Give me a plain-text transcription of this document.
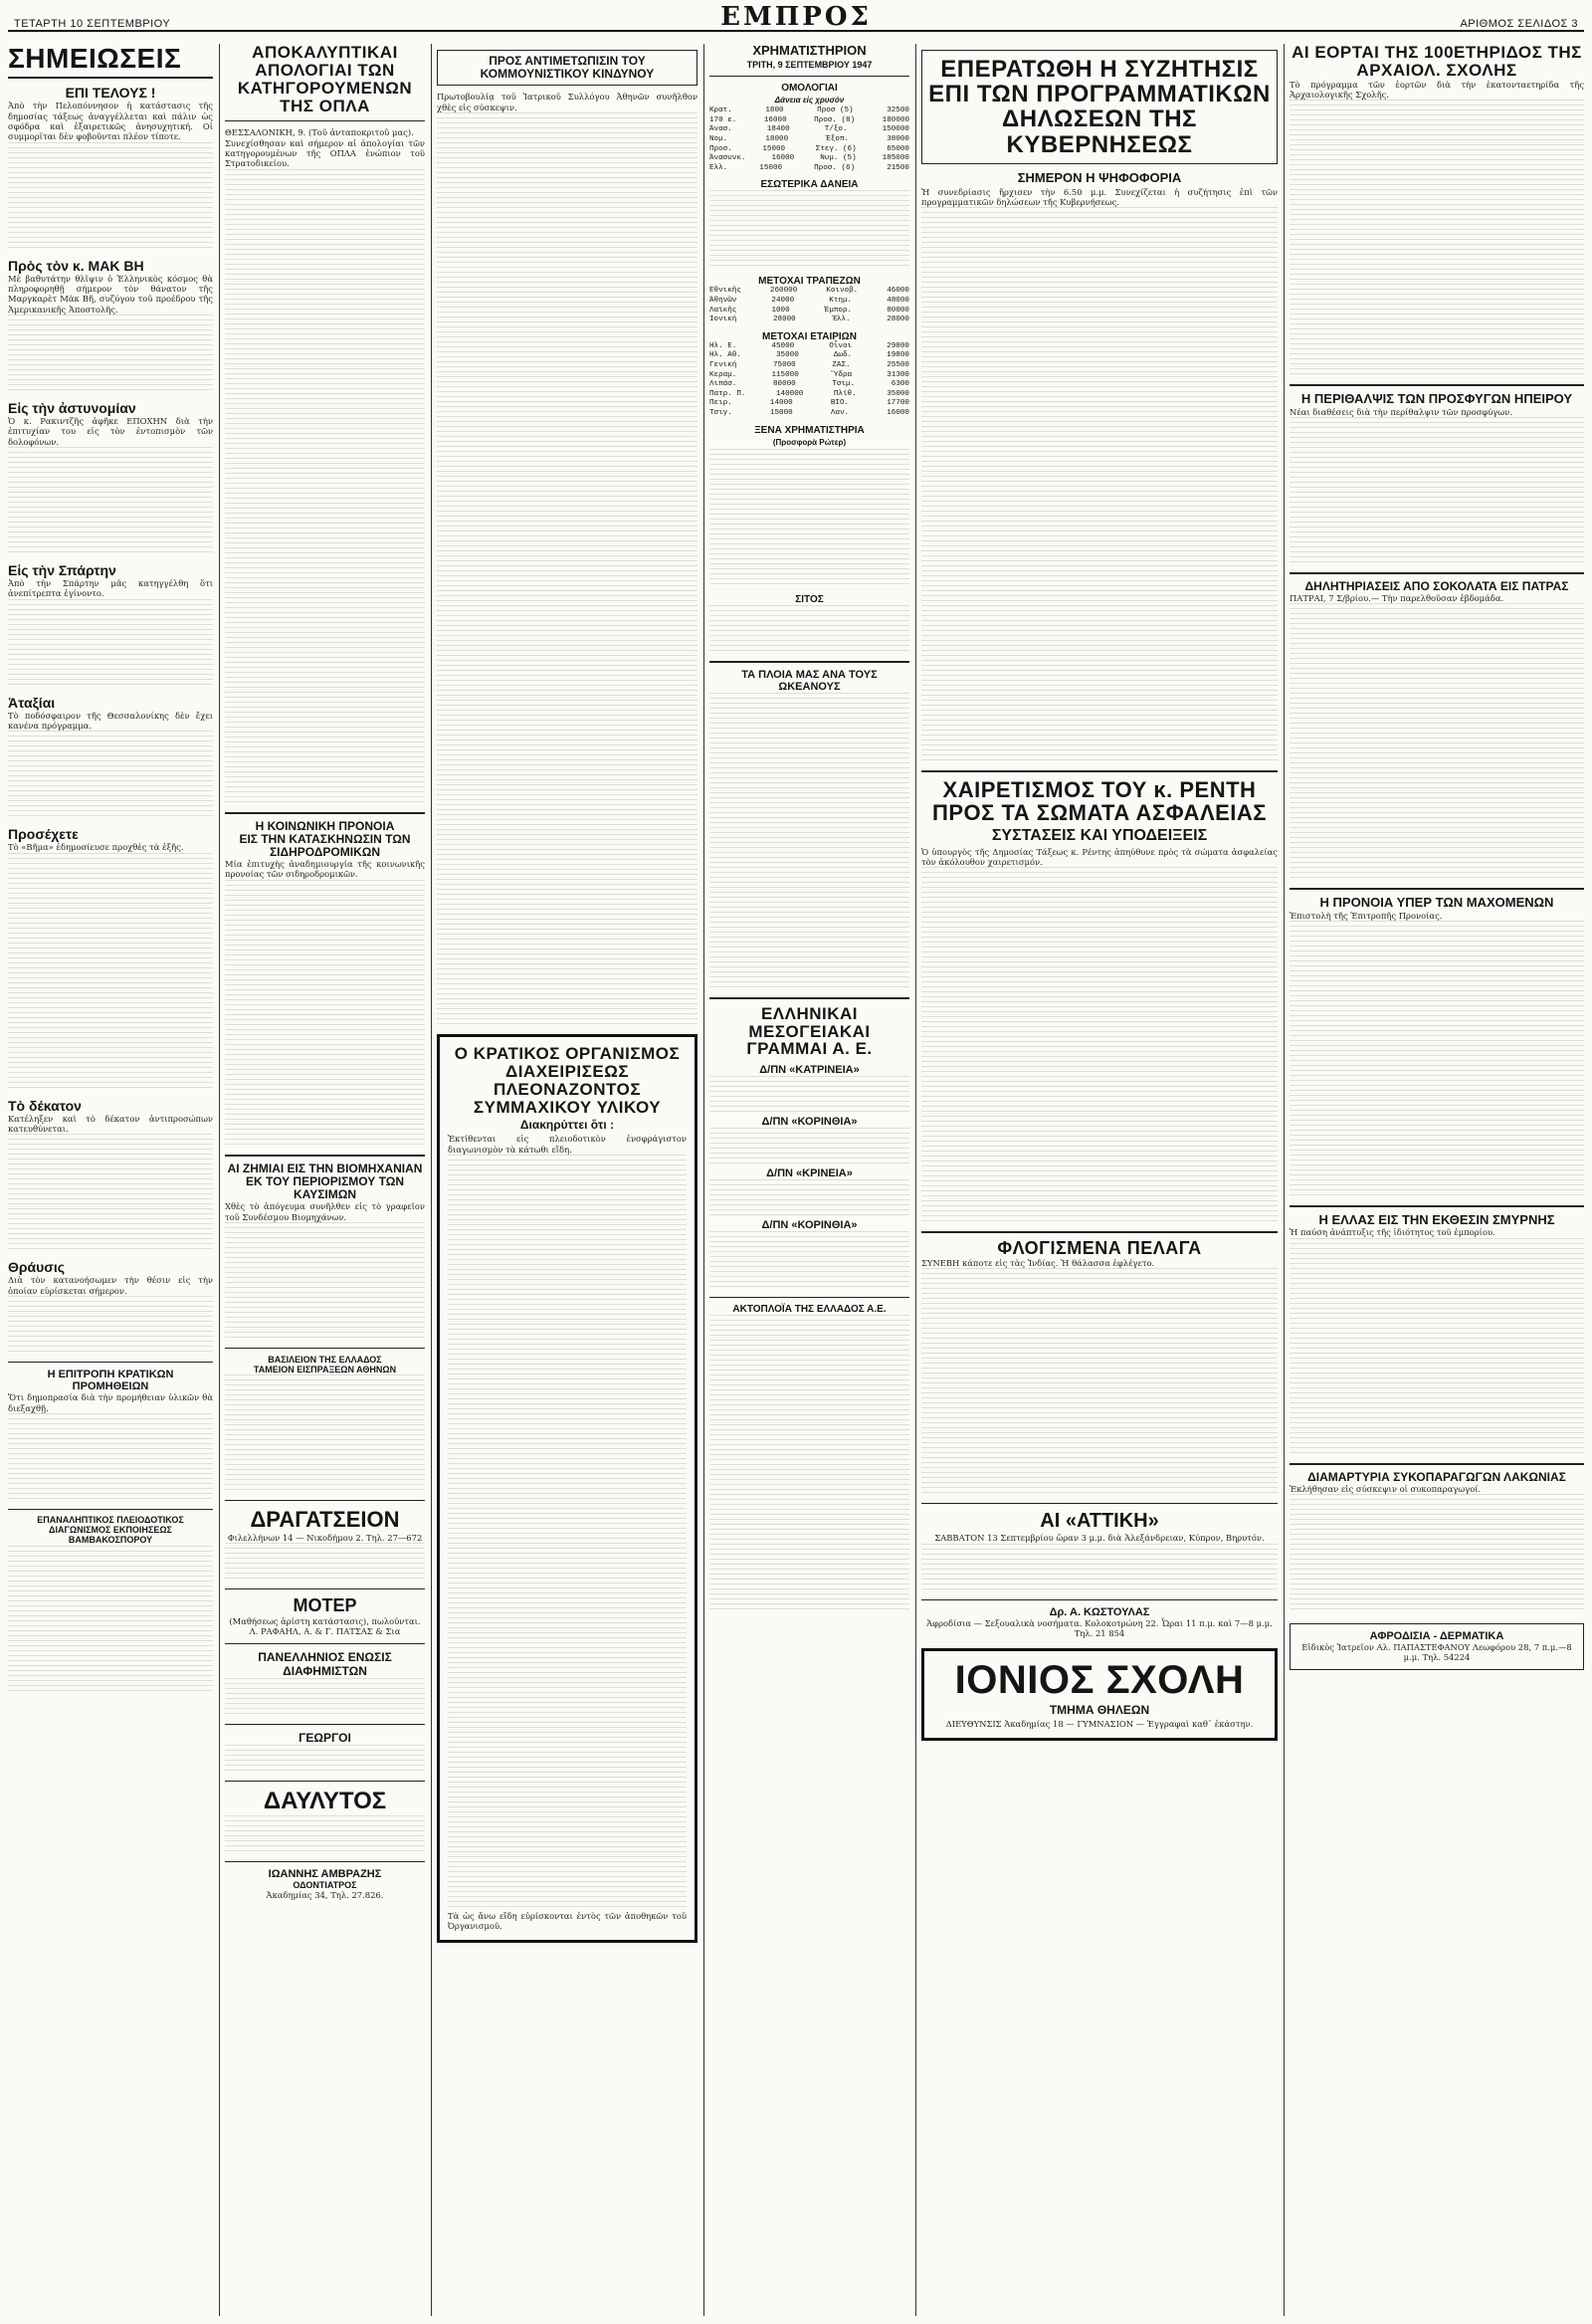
ΤΕΤΑΡΤΗ 10 ΣΕΠΤΕΜΒΡΙΟΥ	ΕΜΠΡΟΣ	ΑΡΙΘΜΟΣ ΣΕΛΙΔΟΣ 3
ΣΗΜΕΙΩΣΕΙΣ
ΕΠΙ ΤΕΛΟΥΣ !
Ἀπὸ τὴν Πελοπόννησον ἡ κατάστασις τῆς δημοσίας τάξεως ἀναγγέλλεται καὶ πάλιν ὡς σφόδρα καὶ ἐξαιρετικῶς ἀνησυχητική. Οἱ συμμορῖται δὲν φοβοῦνται πλέον τίποτε.
Πρὸς τὸν κ. ΜΑΚ ΒΗ
Μὲ βαθυτάτην θλῖψιν ὁ Ἑλληνικὸς κόσμος θὰ πληροφορηθῇ σήμερον τὸν θάνατον τῆς Μαργκαρὲτ Μὰκ Βῆ, συζύγου τοῦ προέδρου τῆς Ἀμερικανικῆς Ἀποστολῆς.
Εἰς τὴν ἀστυνομίαν
Ὁ κ. Ρακιντζῆς ἀφῆκε ΕΠΟΧΗΝ διὰ τὴν ἐπιτυχίαν του εἰς τὸν ἐντοπισμὸν τῶν δολοφόνων.
Εἰς τὴν Σπάρτην
Ἀπὸ τὴν Σπάρτην μᾶς κατηγγέλθη ὅτι ἀνεπίτρεπτα ἐγίνοντο.
Ἀταξίαι
Τὸ ποδόσφαιρον τῆς Θεσσαλονίκης δὲν ἔχει κανένα πρόγραμμα.
Προσέχετε
Τὸ «Βῆμα» ἐδημοσίευσε προχθὲς τὰ ἑξῆς.
Τὸ δέκατον
Κατέληξεν καὶ τὸ δέκατον ἀντιπροσώπων κατευθύνεται.
Θράυσις
Διὰ τὸν κατανοήσωμεν τὴν θέσιν εἰς τὴν ὁποίαν εὑρίσκεται σήμερον.
Η ΕΠΙΤΡΟΠΗ ΚΡΑΤΙΚΩΝ ΠΡΟΜΗΘΕΙΩΝ
Ὅτι δημοπρασία διὰ τὴν προμήθειαν ὑλικῶν θὰ διεξαχθῇ.
ΕΠΑΝΑΛΗΠΤΙΚΟΣ ΠΛΕΙΟΔΟΤΙΚΟΣ ΔΙΑΓΩΝΙΣΜΟΣ ΕΚΠΟΙΗΣΕΩΣ ΒΑΜΒΑΚΟΣΠΟΡΟΥ
ΑΠΟΚΑΛΥΠΤΙΚΑΙ ΑΠΟΛΟΓΙΑΙ ΤΩΝ ΚΑΤΗΓΟΡΟΥΜΕΝΩΝ ΤΗΣ ΟΠΛΑ
ΘΕΣΣΑΛΟΝΙΚΗ, 9. (Τοῦ ἀνταποκριτοῦ μας).
Συνεχίσθησαν καὶ σήμερον αἱ ἀπολογίαι τῶν κατηγορουμένων τῆς ΟΠΛΑ ἐνώπιον τοῦ Στρατοδικείου.
Η ΚΟΙΝΩΝΙΚΗ ΠΡΟΝΟΙΑ
ΕΙΣ ΤΗΝ ΚΑΤΑΣΚΗΝΩΣΙΝ ΤΩΝ ΣΙΔΗΡΟΔΡΟΜΙΚΩΝ
Μία ἐπιτυχὴς ἀναδημιουργία τῆς κοινωνικῆς προνοίας τῶν σιδηροδρομικῶν.
ΑΙ ΖΗΜΙΑΙ ΕΙΣ ΤΗΝ ΒΙΟΜΗΧΑΝΙΑΝ ΕΚ ΤΟΥ ΠΕΡΙΟΡΙΣΜΟΥ ΤΩΝ ΚΑΥΣΙΜΩΝ
Χθὲς τὸ ἀπόγευμα συνῆλθεν εἰς τὸ γραφεῖον τοῦ Συνδέσμου Βιομηχάνων.
ΒΑΣΙΛΕΙΟΝ ΤΗΣ ΕΛΛΑΔΟΣ
ΤΑΜΕΙΟΝ ΕΙΣΠΡΑΞΕΩΝ ΑΘΗΝΩΝ
ΔΡΑΓΑΤΣΕΙΟΝ
Φιλελλήνων 14 — Νικοδήμου 2. Τηλ. 27—672
ΜΟΤΕΡ
(Μαθήσεως ἀρίστη κατάστασις), πωλοῦνται. Λ. ΡΑΦΑΗΛ, Α. & Γ. ΠΑΤΣΑΣ & Σια
ΠΑΝΕΛΛΗΝΙΟΣ ΕΝΩΣΙΣ ΔΙΑΦΗΜΙΣΤΩΝ
ΓΕΩΡΓΟΙ
ΔΑΥΛΥΤΟΣ
ΙΩΑΝΝΗΣ ΑΜΒΡΑΖΗΣ
ΟΔΟΝΤΙΑΤΡΟΣ
Ἀκαδημίας 34, Τηλ. 27.826.
ΠΡΟΣ ΑΝΤΙΜΕΤΩΠΙΣΙΝ ΤΟΥ ΚΟΜΜΟΥΝΙΣΤΙΚΟΥ ΚΙΝΔΥΝΟΥ
Πρωτοβουλίᾳ τοῦ Ἰατρικοῦ Συλλόγου Ἀθηνῶν συνῆλθον χθὲς εἰς σύσκεψιν.
Ο ΚΡΑΤΙΚΟΣ ΟΡΓΑΝΙΣΜΟΣ ΔΙΑΧΕΙΡΙΣΕΩΣ ΠΛΕΟΝΑΖΟΝΤΟΣ ΣΥΜΜΑΧΙΚΟΥ ΥΛΙΚΟΥ
Διακηρύττει ὅτι :
Ἐκτίθενται εἰς πλειοδοτικὸν ἐνσφράγιστον διαγωνισμὸν τὰ κάτωθι εἴδη.
Τὰ ὡς ἄνω εἴδη εὑρίσκονται ἐντὸς τῶν ἀποθηκῶν τοῦ Ὀργανισμοῦ.
ΧΡΗΜΑΤΙΣΤΗΡΙΟΝ
ΤΡΙΤΗ, 9 ΣΕΠΤΕΜΒΡΙΟΥ 1947
ΟΜΟΛΟΓΙΑΙ
Δάνεια εἰς χρυσόν
Κρατ.	1800	Προσ (5)	32500
170 ε.	16000	Προσ. (8)	180000
Ἀνασ.	18400	Τ/ξο.	150000
Νομ.	18000	Ἐξοπ.	38000
Προσ.	15000	Στεγ. (6)	65000
Ἀνασυνκ.	16000	Νυμ. (5)	185000
Ἐλλ.	15000	Προσ. (6)	21500
ΕΣΩΤΕΡΙΚΑ ΔΑΝΕΙΑ
ΜΕΤΟΧΑΙ ΤΡΑΠΕΖΩΝ
Ἐθνικῆς	260000	Κοινοβ.	46000
Ἀθηνῶν	24000	Κτημ.	48000
Λαϊκῆς	1000	Ἐμπορ.	80000
Ἰονική	28000	Ἑλλ.	28000
ΜΕΤΟΧΑΙ ΕΤΑΙΡΙΩΝ
Ἠλ. Ε.	45000	Οἶνοι	29800
Ἠλ. Αθ.	35000	Δωδ.	19800
Γενική	75000	ΖΑΣ.	25500
Κεραμ.	115000	Ὕδρα	31300
Λιπάσ.	80000	Τσιμ.	6300
Πατρ. Π.	140000	Πλίθ.	35000
Πειρ.	14000	ΒΙΟ.	17700
Τσιγ.	15000	Λαν.	16000
ΞΕΝΑ ΧΡΗΜΑΤΙΣΤΗΡΙΑ
(Προσφορὰ Ρώτερ)
ΣΙΤΟΣ
ΤΑ ΠΛΟΙΑ ΜΑΣ ΑΝΑ ΤΟΥΣ ΩΚΕΑΝΟΥΣ
ΕΛΛΗΝΙΚΑΙ ΜΕΣΟΓΕΙΑΚΑΙ ΓΡΑΜΜΑΙ Α. Ε.
Δ/ΠΝ «ΚΑΤΡΙΝΕΙΑ»
Δ/ΠΝ «ΚΟΡΙΝΘΙΑ»
Δ/ΠΝ «ΚΡΙΝΕΙΑ»
Δ/ΠΝ «ΚΟΡΙΝΘΙΑ»
ΑΚΤΟΠΛΟΪΑ ΤΗΣ ΕΛΛΑΔΟΣ Α.Ε.
ΕΠΕΡΑΤΩΘΗ Η ΣΥΖΗΤΗΣΙΣ ΕΠΙ ΤΩΝ ΠΡΟΓΡΑΜΜΑΤΙΚΩΝ ΔΗΛΩΣΕΩΝ ΤΗΣ ΚΥΒΕΡΝΗΣΕΩΣ
ΣΗΜΕΡΟΝ Η ΨΗΦΟΦΟΡΙΑ
Ἡ συνεδρίασις ἤρχισεν τὴν 6.50 μ.μ. Συνεχίζεται ἡ συζήτησις ἐπὶ τῶν προγραμματικῶν δηλώσεων τῆς Κυβερνήσεως.
ΧΑΙΡΕΤΙΣΜΟΣ ΤΟΥ κ. ΡΕΝΤΗ ΠΡΟΣ ΤΑ ΣΩΜΑΤΑ ΑΣΦΑΛΕΙΑΣ
ΣΥΣΤΑΣΕΙΣ ΚΑΙ ΥΠΟΔΕΙΞΕΙΣ
Ὁ ὑπουργὸς τῆς Δημοσίας Τάξεως κ. Ρέντης ἀπηύθυνε πρὸς τὰ σώματα ἀσφαλείας τὸν ἀκόλουθον χαιρετισμόν.
ΦΛΟΓΙΣΜΕΝΑ ΠΕΛΑΓΑ
ΣΥΝΕΒΗ κάποτε εἰς τὰς Ἰνδίας. Ἡ θάλασσα ἐφλέγετο.
ΑΙ «ΑΤΤΙΚΗ»
ΣΑΒΒΑΤΟΝ 13 Σεπτεμβρίου ὥραν 3 μ.μ. διὰ Ἀλεξάνδρειαν, Κύπρον, Βηρυτόν.
Δρ. Α. ΚΩΣΤΟΥΛΑΣ
Ἀφροδίσια — Σεξουαλικὰ νοσήματα. Κολοκοτρώνη 22. Ὧραι 11 π.μ. καὶ 7—8 μ.μ. Τηλ. 21 854
ΙΟΝΙΟΣ ΣΧΟΛΗ
ΤΜΗΜΑ ΘΗΛΕΩΝ
ΔΙΕΥΘΥΝΣΙΣ Ἀκαδημίας 18 — ΓΥΜΝΑΣΙΟΝ — Ἐγγραφαὶ καθ᾽ ἑκάστην.
ΑΙ ΕΟΡΤΑΙ ΤΗΣ 100ΕΤΗΡΙΔΟΣ ΤΗΣ ΑΡΧΑΙΟΛ. ΣΧΟΛΗΣ
Τὸ πρόγραμμα τῶν ἑορτῶν διὰ τὴν ἑκατονταετηρίδα τῆς Ἀρχαιολογικῆς Σχολῆς.
Η ΠΕΡΙΘΑΛΨΙΣ ΤΩΝ ΠΡΟΣΦΥΓΩΝ ΗΠΕΙΡΟΥ
Νέαι διαθέσεις διὰ τὴν περίθαλψιν τῶν προσφύγων.
ΔΗΛΗΤΗΡΙΑΣΕΙΣ ΑΠΟ ΣΟΚΟΛΑΤΑ ΕΙΣ ΠΑΤΡΑΣ
ΠΑΤΡΑΙ, 7 Σ/βρίου.— Τὴν παρελθοῦσαν ἑβδομάδα.
Η ΠΡΟΝΟΙΑ ΥΠΕΡ ΤΩΝ ΜΑΧΟΜΕΝΩΝ
Ἐπιστολὴ τῆς Ἐπιτροπῆς Προνοίας.
Η ΕΛΛΑΣ ΕΙΣ ΤΗΝ ΕΚΘΕΣΙΝ ΣΜΥΡΝΗΣ
Ἡ παύση ἀνάπτυξις τῆς ἰδιότητος τοῦ ἐμπορίου.
ΔΙΑΜΑΡΤΥΡΙΑ ΣΥΚΟΠΑΡΑΓΩΓΩΝ ΛΑΚΩΝΙΑΣ
Ἐκλήθησαν εἰς σύσκεψιν οἱ συκοπαραγωγοί.
ΑΦΡΟΔΙΣΙΑ - ΔΕΡΜΑΤΙΚΑ
Εἰδικὸς Ἰατρεῖον Αλ. ΠΑΠΑΣΤΕΦΑΝΟΥ Λεωφόρου 28, 7 π.μ.—8 μ.μ. Τηλ. 54224
